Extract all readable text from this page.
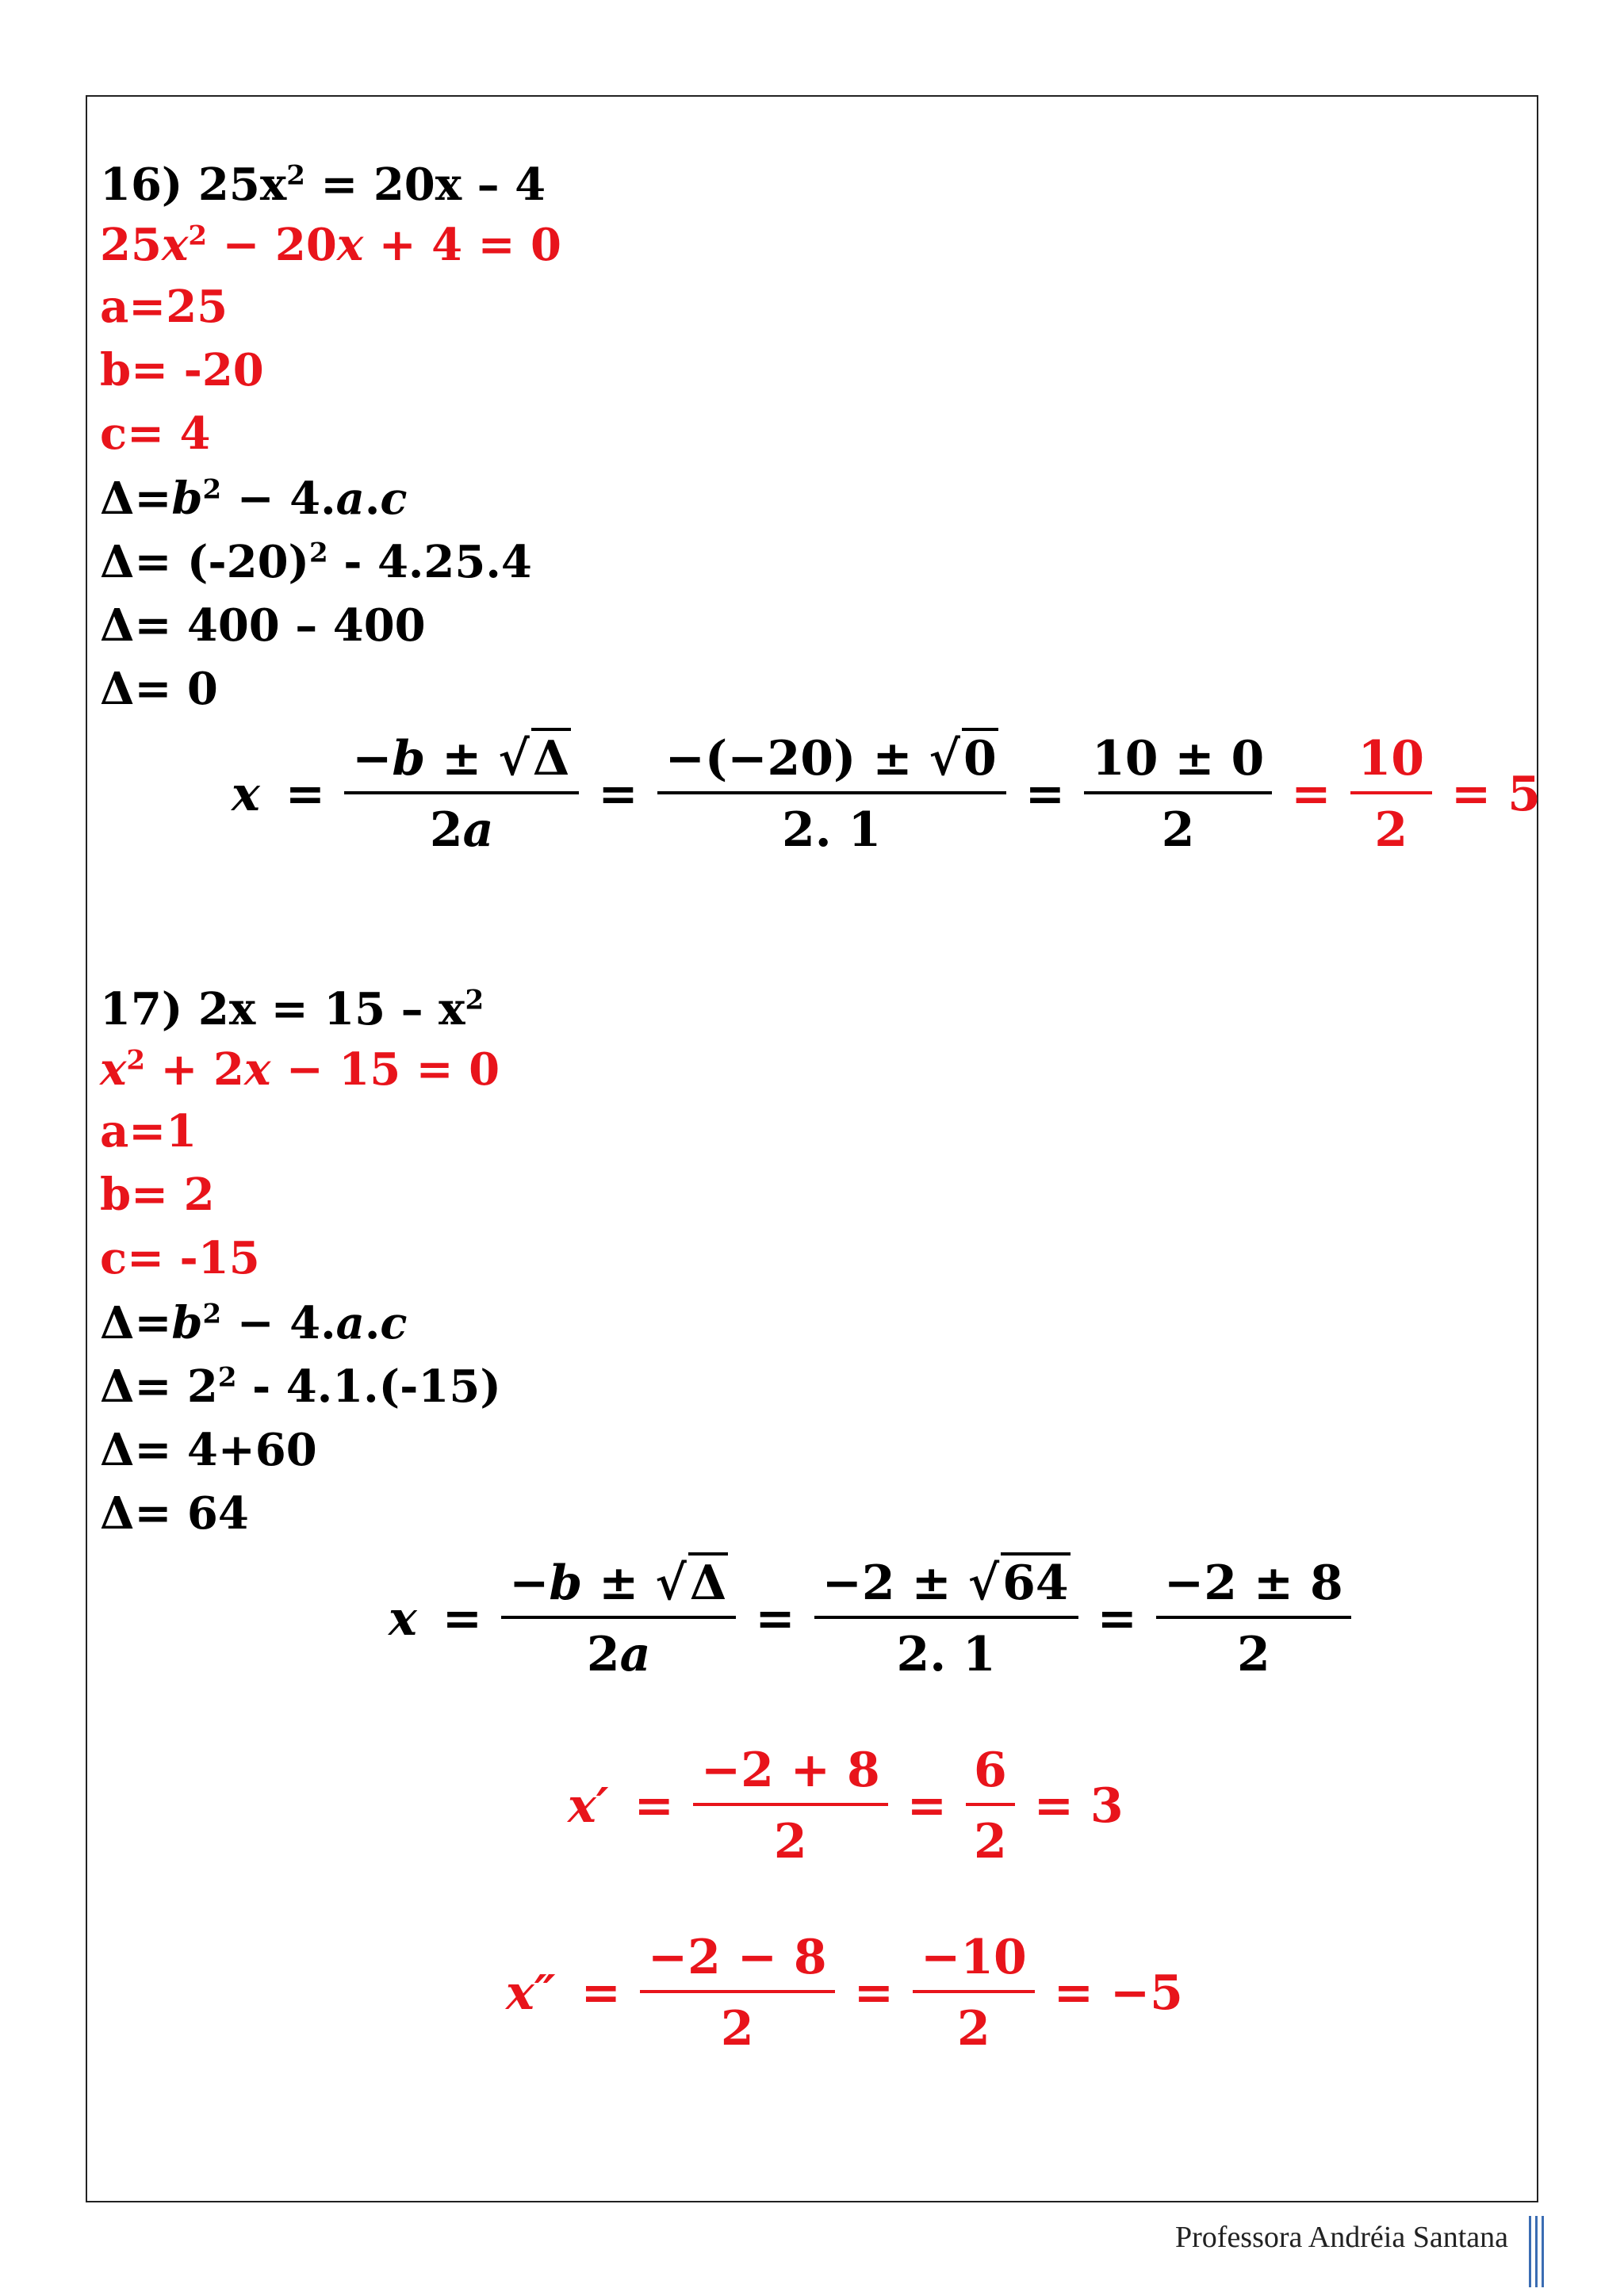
16) $25x^2 = 20x - 4$
$25x^2 - 20x + 4 = 0$
a=25
b= -20
c= 4
$\Delta=b^2 - 4.a.c$
$\Delta= (-20)^2 - 4.25.4$
Δ= 400 – 400
Δ= 0
$x = \frac{-b \pm √\Delta}{2a} = \frac{-(-20) \pm √0}{2. 1} = \frac{10 \pm 0}{2} = \frac{10}{2} = 5$
17) $2x = 15 - x^2$
$x^2 + 2x - 15 = 0$
a=1
b= 2
c= -15
$\Delta=b^2 - 4.a.c$
$\Delta= 2^2 - 4.1.(-15)$
Δ= 4+60
Δ= 64
$x = \frac{-b \pm √\Delta}{2a} = \frac{-2 \pm √64}{2. 1} = \frac{-2 \pm 8}{2}$
$x' = \frac{-2 + 8}{2} = \frac{6}{2} = 3$
$x'' = \frac{-2 - 8}{2} = \frac{-10}{2} = -5$
Professora Andréia Santana
